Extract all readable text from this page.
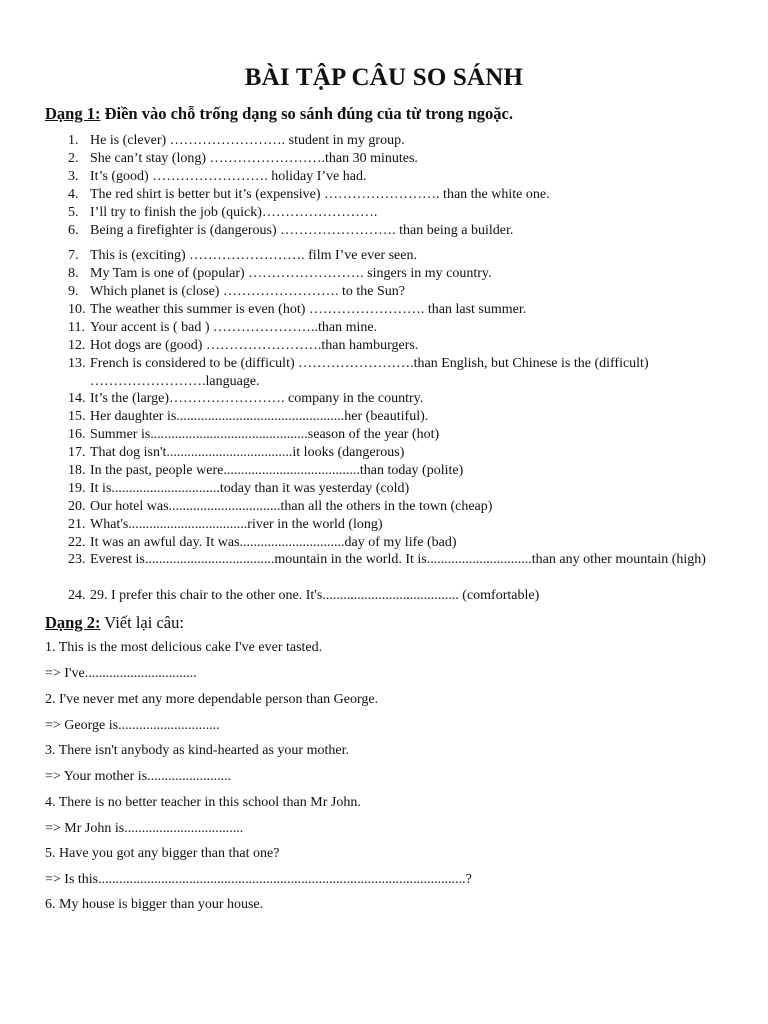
BÀI TẬP CÂU SO SÁNH
Dạng 1: Điền vào chỗ trống dạng so sánh đúng của từ trong ngoặc.
1. He is (clever) ……………………. student in my group.
2. She can’t stay (long) …………………….than 30 minutes.
3. It’s (good) ……………………. holiday I’ve had.
4. The red shirt is better but it’s (expensive) ……………………. than the white one.
5. I’ll try to finish the job (quick)…………………….
6. Being a firefighter is (dangerous) ……………………. than being a builder.
7. This is (exciting) ……………………. film I’ve ever seen.
8. My Tam is one of (popular) ……………………. singers in my country.
9. Which planet is (close) ……………………. to the Sun?
10. The weather this summer is even (hot) ……………………. than last summer.
11. Your accent is ( bad ) …………………..than mine.
12. Hot dogs are (good) …………………….than hamburgers.
13. French is considered to be (difficult) …………………….than English, but Chinese is the (difficult) …………………….language.
14. It’s the (large)……………………. company in the country.
15. Her daughter is................................................her (beautiful).
16. Summer is.............................................season of the year (hot)
17. That dog isn't....................................it looks (dangerous)
18. In the past, people were.......................................than today (polite)
19. It is...............................today than it was yesterday (cold)
20. Our hotel was................................than all the others in the town (cheap)
21. What's..................................river in the world (long)
22. It was an awful day. It was..............................day of my life (bad)
23. Everest is.....................................mountain in the world. It is..............................than any other mountain (high)
24. 29. I prefer this chair to the other one. It's....................................... (comfortable)
Dạng 2: Viết lại câu:
1. This is the most delicious cake I've ever tasted.
=> I've................................
2. I've never met any more dependable person than George.
=> George is.............................
3. There isn't anybody as kind-hearted as your mother.
=> Your mother is........................
4. There is no better teacher in this school than Mr John.
=> Mr John is..................................
5. Have you got any bigger than that one?
=> Is this.........................................................................................................?
6. My house is bigger than your house.
